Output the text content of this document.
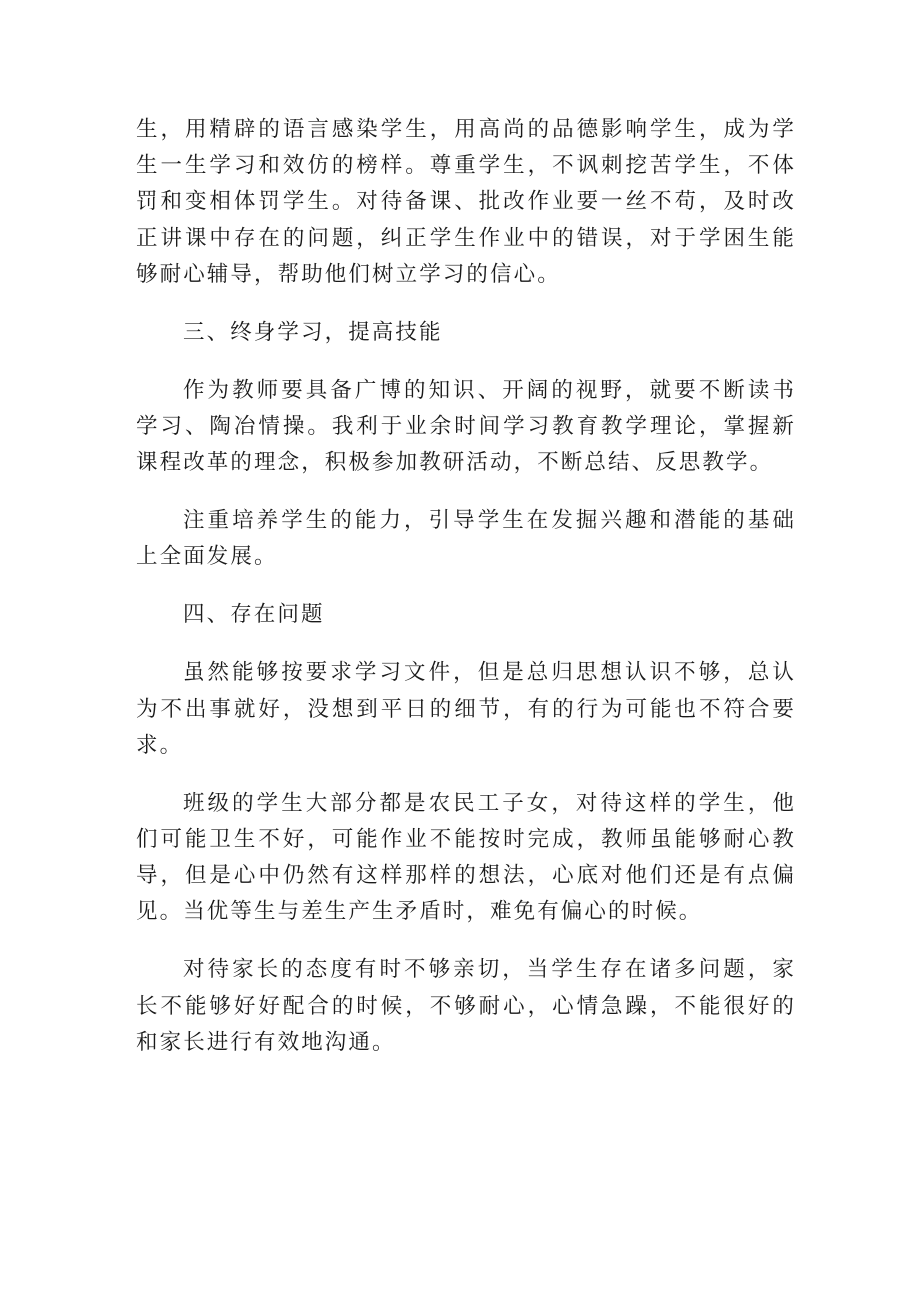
生，用精辟的语言感染学生，用高尚的品德影响学生，成为学生一生学习和效仿的榜样。尊重学生，不讽刺挖苦学生，不体罚和变相体罚学生。对待备课、批改作业要一丝不苟，及时改正讲课中存在的问题，纠正学生作业中的错误，对于学困生能够耐心辅导，帮助他们树立学习的信心。

三、终身学习，提高技能

作为教师要具备广博的知识、开阔的视野，就要不断读书学习、陶冶情操。我利于业余时间学习教育教学理论，掌握新课程改革的理念，积极参加教研活动，不断总结、反思教学。

注重培养学生的能力，引导学生在发掘兴趣和潜能的基础上全面发展。

四、存在问题

虽然能够按要求学习文件，但是总归思想认识不够，总认为不出事就好，没想到平日的细节，有的行为可能也不符合要求。

班级的学生大部分都是农民工子女，对待这样的学生，他们可能卫生不好，可能作业不能按时完成，教师虽能够耐心教导，但是心中仍然有这样那样的想法，心底对他们还是有点偏见。当优等生与差生产生矛盾时，难免有偏心的时候。

对待家长的态度有时不够亲切，当学生存在诸多问题，家长不能够好好配合的时候，不够耐心，心情急躁，不能很好的和家长进行有效地沟通。
